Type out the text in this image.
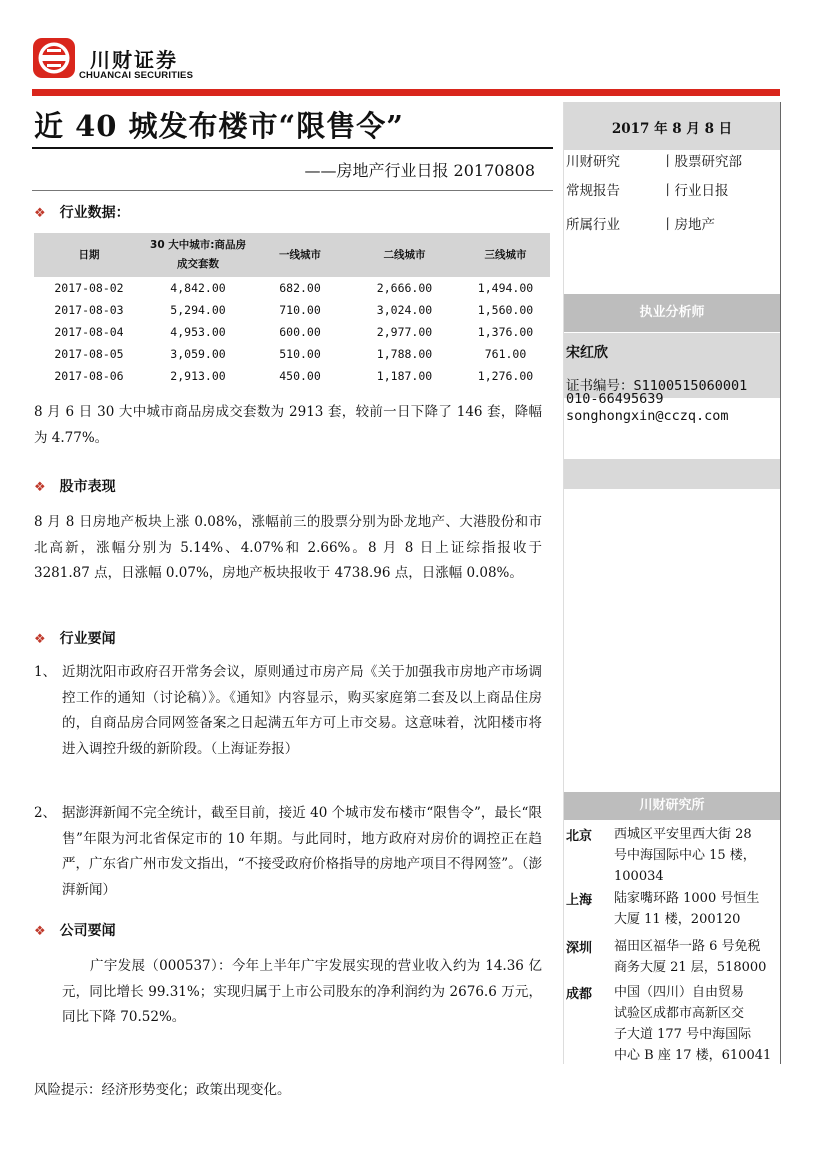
川财证券
CHUANCAI SECURITIES
近 40 城发布楼市“限售令”
——房地产行业日报 20170808
❖ 行业数据：
日期	30 大中城市:商品房成交套数	一线城市	二线城市	三线城市
2017-08-02	4,842.00	682.00	2,666.00	1,494.00
2017-08-03	5,294.00	710.00	3,024.00	1,560.00
2017-08-04	4,953.00	600.00	2,977.00	1,376.00
2017-08-05	3,059.00	510.00	1,788.00	761.00
2017-08-06	2,913.00	450.00	1,187.00	1,276.00
8 月 6 日 30 大中城市商品房成交套数为 2913 套，较前一日下降了 146 套，降幅为 4.77%。
❖ 股市表现
8 月 8 日房地产板块上涨 0.08%，涨幅前三的股票分别为卧龙地产、大港股份和市北高新，涨幅分别为 5.14%、4.07%和 2.66%。8 月 8 日上证综指报收于 3281.87 点，日涨幅 0.07%，房地产板块报收于 4738.96 点，日涨幅 0.08%。
❖ 行业要闻
1、 近期沈阳市政府召开常务会议，原则通过市房产局《关于加强我市房地产市场调控工作的通知（讨论稿）》。《通知》内容显示，购买家庭第二套及以上商品住房的，自商品房合同网签备案之日起满五年方可上市交易。这意味着，沈阳楼市将进入调控升级的新阶段。（上海证券报）
2、 据澎湃新闻不完全统计，截至目前，接近 40 个城市发布楼市“限售令”，最长“限售”年限为河北省保定市的 10 年期。与此同时，地方政府对房价的调控正在趋严，广东省广州市发文指出，“不接受政府价格指导的房地产项目不得网签”。（澎湃新闻）
❖ 公司要闻
广宇发展（000537）：今年上半年广宇发展实现的营业收入约为 14.36 亿元，同比增长 99.31%；实现归属于上市公司股东的净利润约为 2676.6 万元，同比下降 70.52%。
风险提示：经济形势变化；政策出现变化。
2017 年 8 月 8 日
川财研究	丨股票研究部
常规报告	丨行业日报
所属行业	丨房地产
执业分析师
宋红欣
证书编号：S1100515060001
010-66495639
songhongxin@cczq.com
川财研究所
北京 西城区平安里西大街 28
号中海国际中心 15 楼，
100034
上海 陆家嘴环路 1000 号恒生
大厦 11 楼，200120
深圳 福田区福华一路 6 号免税
商务大厦 21 层，518000
成都 中国（四川）自由贸易
试验区成都市高新区交
子大道 177 号中海国际
中心 B 座 17 楼，610041
